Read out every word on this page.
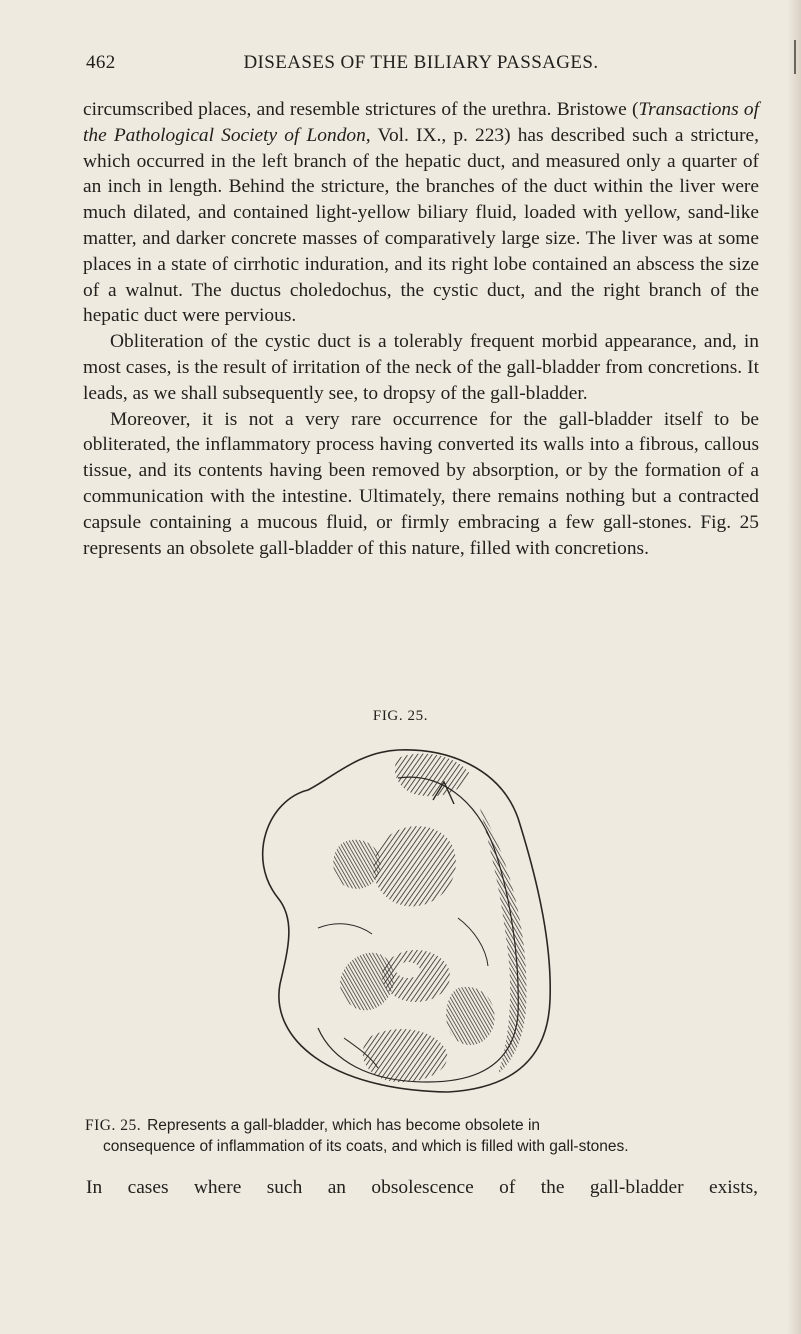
462	DISEASES OF THE BILIARY PASSAGES.

circumscribed places, and resemble strictures of the urethra. Bristowe (Transactions of the Pathological Society of London, Vol. IX., p. 223) has described such a stricture, which occurred in the left branch of the hepatic duct, and measured only a quarter of an inch in length. Behind the stricture, the branches of the duct within the liver were much dilated, and contained light-yellow biliary fluid, loaded with yellow, sand-like matter, and darker concrete masses of comparatively large size. The liver was at some places in a state of cirrhotic induration, and its right lobe contained an abscess the size of a walnut. The ductus choledochus, the cystic duct, and the right branch of the hepatic duct were pervious.

Obliteration of the cystic duct is a tolerably frequent morbid appearance, and, in most cases, is the result of irritation of the neck of the gall-bladder from concretions. It leads, as we shall subsequently see, to dropsy of the gall-bladder.

Moreover, it is not a very rare occurrence for the gall-bladder itself to be obliterated, the inflammatory process having converted its walls into a fibrous, callous tissue, and its contents having been removed by absorption, or by the formation of a communication with the intestine. Ultimately, there remains nothing but a contracted capsule containing a mucous fluid, or firmly embracing a few gall-stones. Fig. 25 represents an obsolete gall-bladder of this nature, filled with concretions.

FIG. 25.
FIG. 25. Represents a gall-bladder, which has become obsolete in
consequence of inflammation of its coats, and which is filled with gall-stones.
In cases where such an obsolescence of the gall-bladder exists,
